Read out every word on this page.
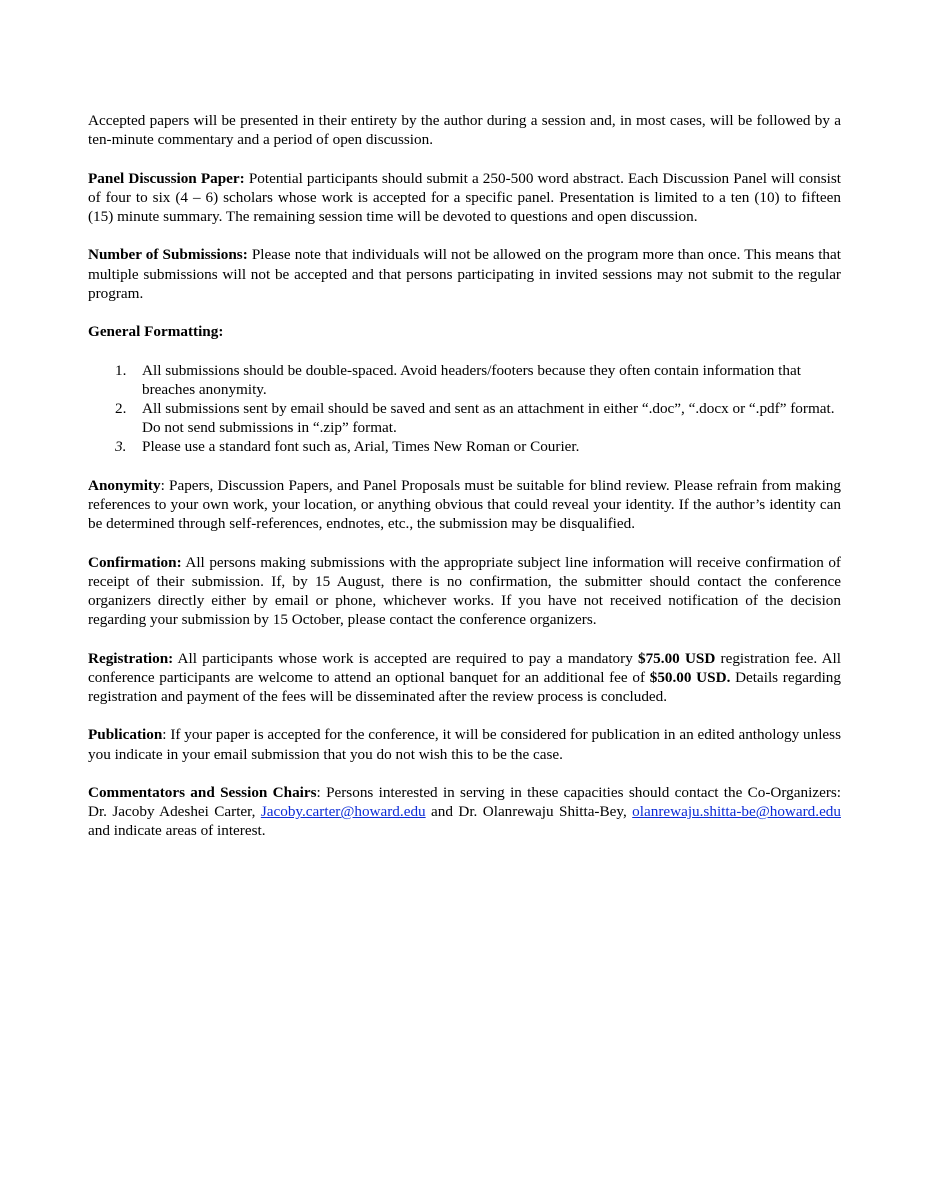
Accepted papers will be presented in their entirety by the author during a session and, in most cases, will be followed by a ten-minute commentary and a period of open discussion.

Panel Discussion Paper: Potential participants should submit a 250-500 word abstract. Each Discussion Panel will consist of four to six (4 – 6) scholars whose work is accepted for a specific panel. Presentation is limited to a ten (10) to fifteen (15) minute summary. The remaining session time will be devoted to questions and open discussion.

Number of Submissions: Please note that individuals will not be allowed on the program more than once. This means that multiple submissions will not be accepted and that persons participating in invited sessions may not submit to the regular program.

General Formatting:
1. All submissions should be double-spaced. Avoid headers/footers because they often contain information that breaches anonymity.
2. All submissions sent by email should be saved and sent as an attachment in either “.doc”, “.docx or “.pdf” format. Do not send submissions in “.zip” format.
3. Please use a standard font such as, Arial, Times New Roman or Courier.

Anonymity: Papers, Discussion Papers, and Panel Proposals must be suitable for blind review. Please refrain from making references to your own work, your location, or anything obvious that could reveal your identity. If the author’s identity can be determined through self-references, endnotes, etc., the submission may be disqualified.

Confirmation: All persons making submissions with the appropriate subject line information will receive confirmation of receipt of their submission. If, by 15 August, there is no confirmation, the submitter should contact the conference organizers directly either by email or phone, whichever works. If you have not received notification of the decision regarding your submission by 15 October, please contact the conference organizers.

Registration: All participants whose work is accepted are required to pay a mandatory $75.00 USD registration fee. All conference participants are welcome to attend an optional banquet for an additional fee of $50.00 USD. Details regarding registration and payment of the fees will be disseminated after the review process is concluded.

Publication: If your paper is accepted for the conference, it will be considered for publication in an edited anthology unless you indicate in your email submission that you do not wish this to be the case.

Commentators and Session Chairs: Persons interested in serving in these capacities should contact the Co-Organizers: Dr. Jacoby Adeshei Carter, Jacoby.carter@howard.edu and Dr. Olanrewaju Shitta-Bey, olanrewaju.shitta-be@howard.edu and indicate areas of interest.
